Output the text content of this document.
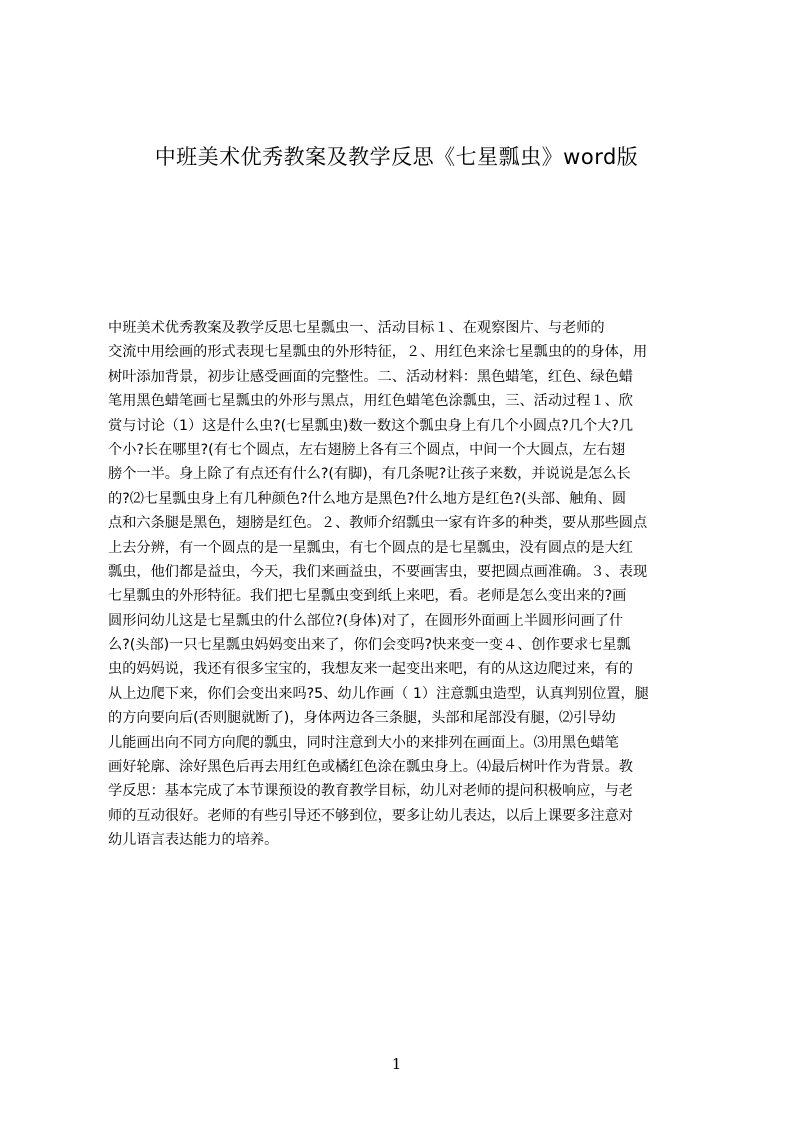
中班美术优秀教案及教学反思《七星瓢虫》word版
中班美术优秀教案及教学反思七星瓢虫一、活动目标１、在观察图片、与老师的
交流中用绘画的形式表现七星瓢虫的外形特征，２、用红色来涂七星瓢虫的的身体，用
树叶添加背景，初步让感受画面的完整性。二、活动材料：黑色蜡笔，红色、绿色蜡
笔用黑色蜡笔画七星瓢虫的外形与黑点，用红色蜡笔色涂瓢虫，三、活动过程１、欣
赏与讨论（1）这是什么虫?(七星瓢虫)数一数这个瓢虫身上有几个小圆点?几个大?几
个小?长在哪里?(有七个圆点，左右翅膀上各有三个圆点，中间一个大圆点，左右翅
膀个一半。身上除了有点还有什么?(有脚)，有几条呢?让孩子来数，并说说是怎么长
的?⑵七星瓢虫身上有几种颜色?什么地方是黑色?什么地方是红色?(头部、触角、圆
点和六条腿是黑色，翅膀是红色。２、教师介绍瓢虫一家有许多的种类，要从那些圆点
上去分辨，有一个圆点的是一星瓢虫，有七个圆点的是七星瓢虫，没有圆点的是大红
瓢虫，他们都是益虫，今天，我们来画益虫，不要画害虫，要把圆点画准确。３、表现
七星瓢虫的外形特征。我们把七星瓢虫变到纸上来吧，看。老师是怎么变出来的?画
圆形问幼儿这是七星瓢虫的什么部位?(身体)对了，在圆形外面画上半圆形问画了什
么?(头部)一只七星瓢虫妈妈变出来了，你们会变吗?快来变一变４、创作要求七星瓢
虫的妈妈说，我还有很多宝宝的，我想友来一起变出来吧，有的从这边爬过来，有的
从上边爬下来，你们会变出来吗?5、幼儿作画（ 1）注意瓢虫造型，认真判别位置，腿
的方向要向后(否则腿就断了)，身体两边各三条腿，头部和尾部没有腿，⑵引导幼
儿能画出向不同方向爬的瓢虫，同时注意到大小的来排列在画面上。⑶用黑色蜡笔
画好轮廓、涂好黑色后再去用红色或橘红色涂在瓢虫身上。⑷最后树叶作为背景。教
学反思：基本完成了本节课预设的教育教学目标，幼儿对老师的提问积极响应，与老
师的互动很好。老师的有些引导还不够到位，要多让幼儿表达，以后上课要多注意对
幼儿语言表达能力的培养。
1
